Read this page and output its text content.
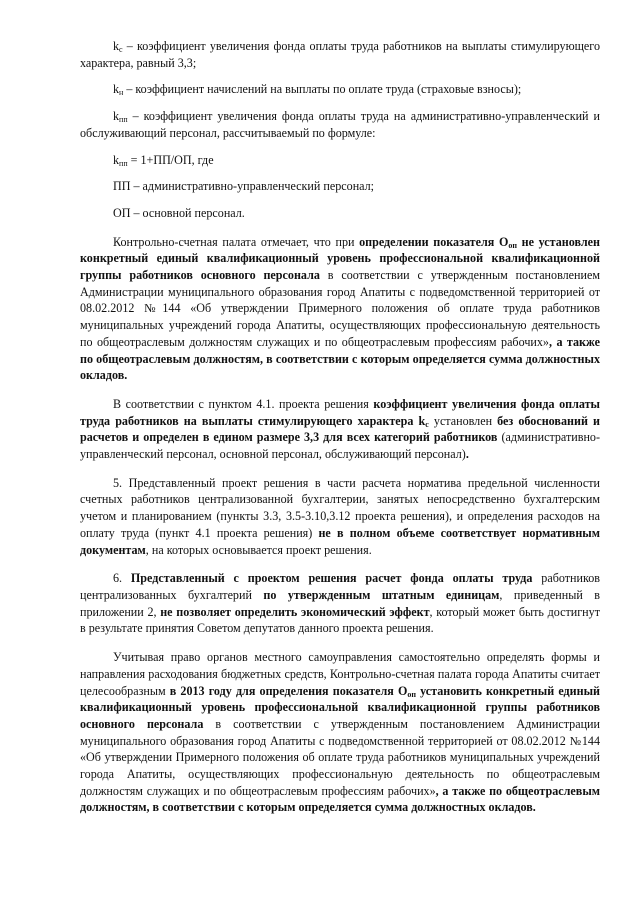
$k_с$ – коэффициент увеличения фонда оплаты труда работников на выплаты стимулирующего характера, равный 3,3;

$k_н$ – коэффициент начислений на выплаты по оплате труда (страховые взносы);

$k_{пп}$ – коэффициент увеличения фонда оплаты труда на административно-управленческий и обслуживающий персонал, рассчитываемый по формуле:

$k_{пп} = 1+ПП/ОП$, где

ПП – административно-управленческий персонал;

ОП – основной персонал.

Контрольно-счетная палата отмечает, что при определении показателя $О_{оп}$ не установлен конкретный единый квалификационный уровень профессиональной квалификационной группы работников основного персонала в соответствии с утвержденным постановлением Администрации муниципального образования город Апатиты с подведомственной территорией от 08.02.2012 №144 «Об утверждении Примерного положения об оплате труда работников муниципальных учреждений города Апатиты, осуществляющих профессиональную деятельность по общеотраслевым должностям служащих и по общеотраслевым профессиям рабочих», а также по общеотраслевым должностям, в соответствии с которым определяется сумма должностных окладов.

В соответствии с пунктом 4.1. проекта решения коэффициент увеличения фонда оплаты труда работников на выплаты стимулирующего характера $k_с$ установлен без обоснований и расчетов и определен в едином размере 3,3 для всех категорий работников (административно-управленческий персонал, основной персонал, обслуживающий персонал).

5. Представленный проект решения в части расчета норматива предельной численности счетных работников централизованной бухгалтерии, занятых непосредственно бухгалтерским учетом и планированием (пункты 3.3, 3.5-3.10,3.12 проекта решения), и определения расходов на оплату труда (пункт 4.1 проекта решения) не в полном объеме соответствует нормативным документам, на которых основывается проект решения.

6. Представленный с проектом решения расчет фонда оплаты труда работников централизованных бухгалтерий по утвержденным штатным единицам, приведенный в приложении 2, не позволяет определить экономический эффект, который может быть достигнут в результате принятия Советом депутатов данного проекта решения.

Учитывая право органов местного самоуправления самостоятельно определять формы и направления расходования бюджетных средств, Контрольно-счетная палата города Апатиты считает целесообразным в 2013 году для определения показателя $О_{оп}$ установить конкретный единый квалификационный уровень профессиональной квалификационной группы работников основного персонала в соответствии с утвержденным постановлением Администрации муниципального образования город Апатиты с подведомственной территорией от 08.02.2012 №144 «Об утверждении Примерного положения об оплате труда работников муниципальных учреждений города Апатиты, осуществляющих профессиональную деятельность по общеотраслевым должностям служащих и по общеотраслевым профессиям рабочих», а также по общеотраслевым должностям, в соответствии с которым определяется сумма должностных окладов.
